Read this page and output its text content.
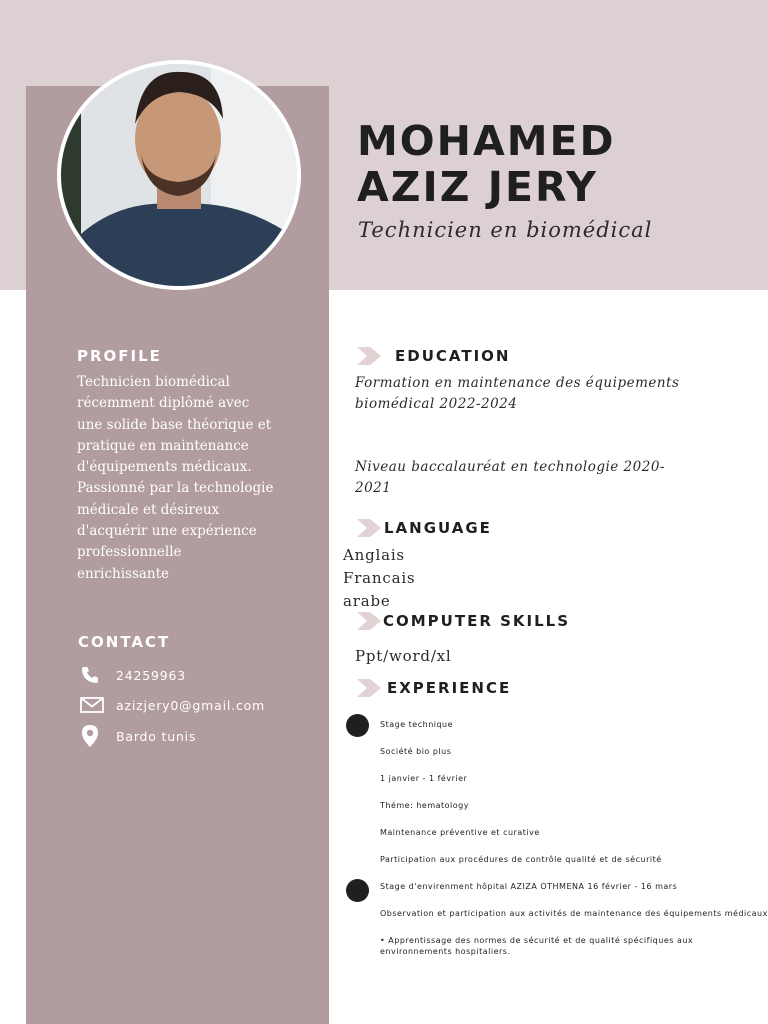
MOHAMED
AZIZ JERY
Technicien en biomédical
PROFILE
Technicien biomédical récemment diplômé avec une solide base théorique et pratique en maintenance d'équipements médicaux. Passionné par la technologie médicale et désireux d'acquérir une expérience professionnelle enrichissante
CONTACT
24259963
azizjery0@gmail.com
Bardo tunis
EDUCATION
Formation en maintenance des équipements biomédical 2022-2024
Niveau baccalauréat en technologie 2020-2021
LANGUAGE
Anglais
Francais
arabe
COMPUTER SKILLS
Ppt/word/xl
EXPERIENCE
Stage technique
Société bio plus
1 janvier - 1 février
Théme: hematology
Maintenance préventive et curative
Participation aux procédures de contrôle qualité et de sécurité
Stage d'envirenment hôpital AZIZA OTHMENA 16 février - 16 mars
Observation et participation aux activités de maintenance des équipements médicaux
• Apprentissage des normes de sécurité et de qualité spécifiques aux environnements hospitaliers.
